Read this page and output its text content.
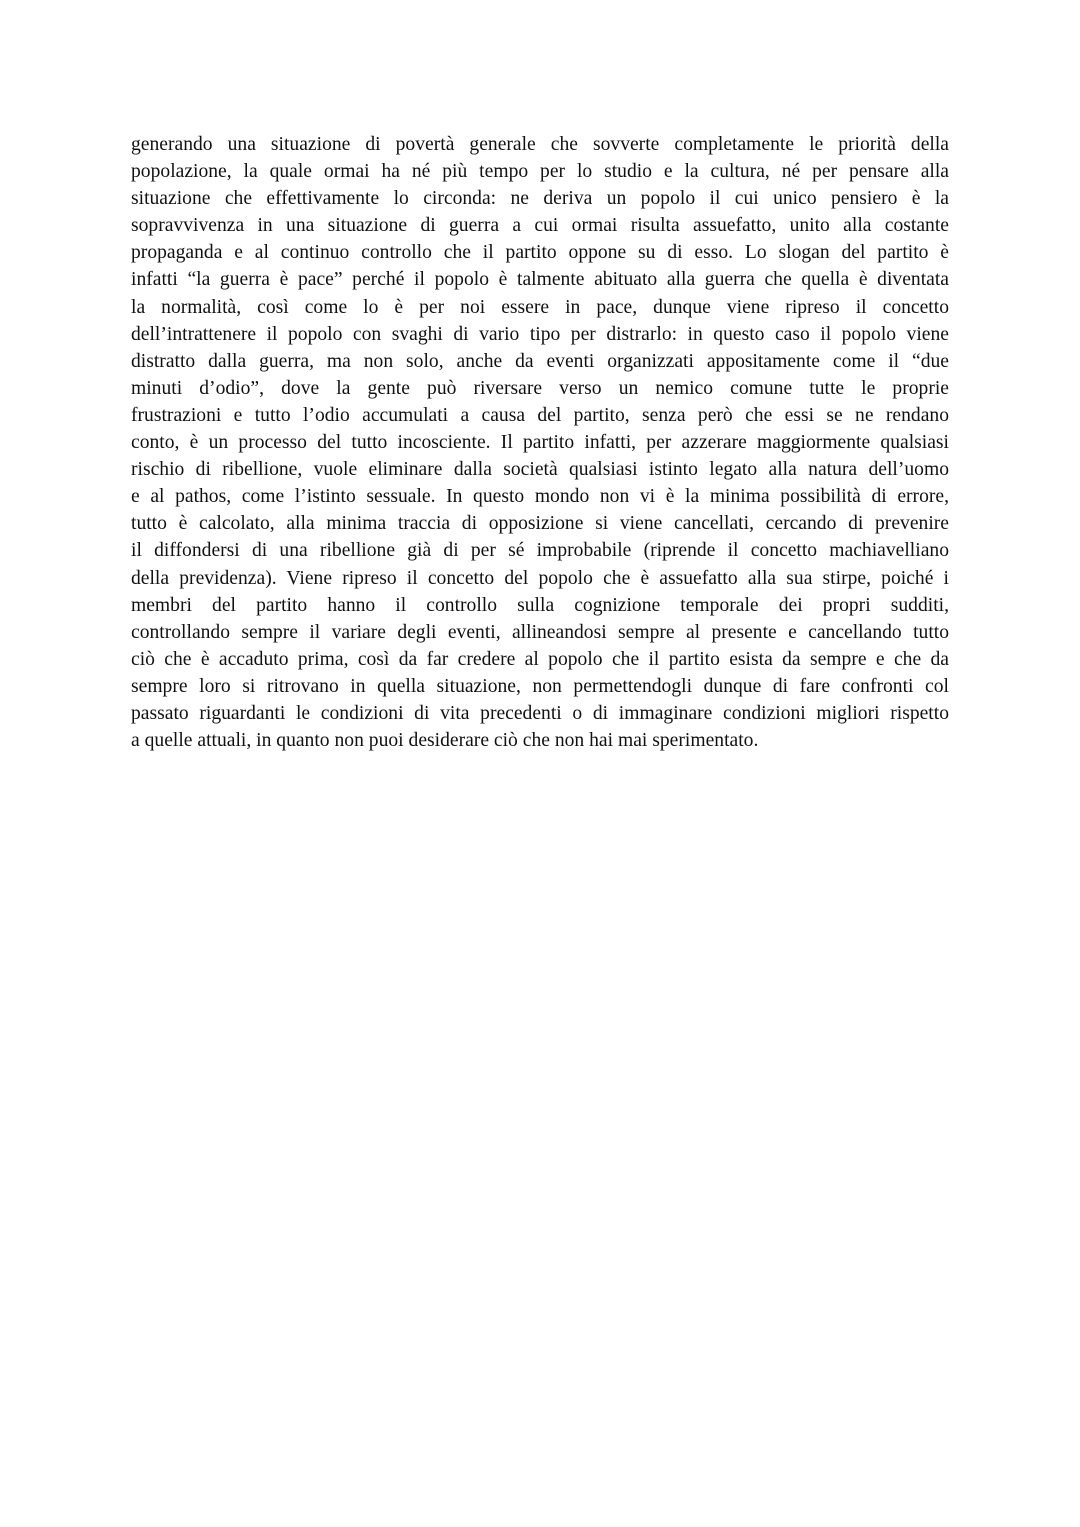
generando una situazione di povertà generale che sovverte completamente le priorità della
popolazione, la quale ormai ha né più tempo per lo studio e la cultura, né per pensare alla
situazione che effettivamente lo circonda: ne deriva un popolo il cui unico pensiero è la
sopravvivenza in una situazione di guerra a cui ormai risulta assuefatto, unito alla costante
propaganda e al continuo controllo che il partito oppone su di esso. Lo slogan del partito è
infatti “la guerra è pace” perché il popolo è talmente abituato alla guerra che quella è diventata
la normalità, così come lo è per noi essere in pace, dunque viene ripreso il concetto
dell’intrattenere il popolo con svaghi di vario tipo per distrarlo: in questo caso il popolo viene
distratto dalla guerra, ma non solo, anche da eventi organizzati appositamente come il “due
minuti d’odio”, dove la gente può riversare verso un nemico comune tutte le proprie
frustrazioni e tutto l’odio accumulati a causa del partito, senza però che essi se ne rendano
conto, è un processo del tutto incosciente. Il partito infatti, per azzerare maggiormente qualsiasi
rischio di ribellione, vuole eliminare dalla società qualsiasi istinto legato alla natura dell’uomo
e al pathos, come l’istinto sessuale. In questo mondo non vi è la minima possibilità di errore,
tutto è calcolato, alla minima traccia di opposizione si viene cancellati, cercando di prevenire
il diffondersi di una ribellione già di per sé improbabile (riprende il concetto machiavelliano
della previdenza). Viene ripreso il concetto del popolo che è assuefatto alla sua stirpe, poiché i
membri del partito hanno il controllo sulla cognizione temporale dei propri sudditi,
controllando sempre il variare degli eventi, allineandosi sempre al presente e cancellando tutto
ciò che è accaduto prima, così da far credere al popolo che il partito esista da sempre e che da
sempre loro si ritrovano in quella situazione, non permettendogli dunque di fare confronti col
passato riguardanti le condizioni di vita precedenti o di immaginare condizioni migliori rispetto
a quelle attuali, in quanto non puoi desiderare ciò che non hai mai sperimentato.
